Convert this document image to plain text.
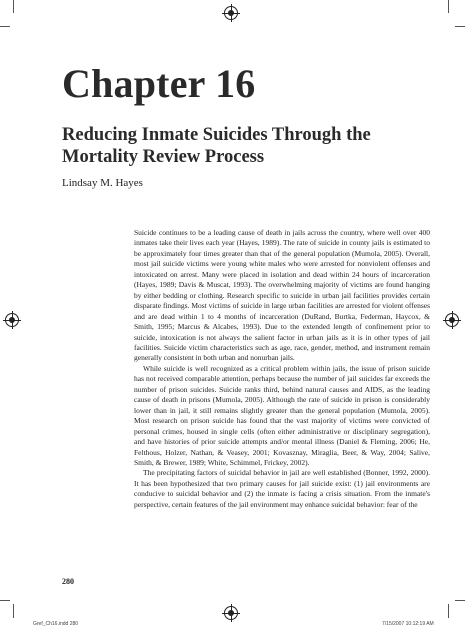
Chapter 16
Reducing Inmate Suicides Through the Mortality Review Process
Lindsay M. Hayes

Suicide continues to be a leading cause of death in jails across the country, where well over 400 inmates take their lives each year (Hayes, 1989). The rate of suicide in county jails is estimated to be approximately four times greater than that of the general population (Mumola, 2005). Overall, most jail suicide victims were young white males who were arrested for nonviolent offenses and intoxicated on arrest. Many were placed in isolation and dead within 24 hours of incarceration (Hayes, 1989; Davis & Muscat, 1993). The overwhelming majority of victims are found hanging by either bedding or clothing. Research specific to suicide in urban jail facilities provides certain disparate findings. Most victims of suicide in large urban facilities are arrested for violent offenses and are dead within 1 to 4 months of incarceration (DuRand, Burtka, Federman, Haycox, & Smith, 1995; Marcus & Alcabes, 1993). Due to the extended length of confinement prior to suicide, intoxication is not always the salient factor in urban jails as it is in other types of jail facilities. Suicide victim characteristics such as age, race, gender, method, and instrument remain generally consistent in both urban and nonurban jails.

While suicide is well recognized as a critical problem within jails, the issue of prison suicide has not received comparable attention, perhaps because the number of jail suicides far exceeds the number of prison suicides. Suicide ranks third, behind natural causes and AIDS, as the leading cause of death in prisons (Mumola, 2005). Although the rate of suicide in prison is considerably lower than in jail, it still remains slightly greater than the general population (Mumola, 2005). Most research on prison suicide has found that the vast majority of victims were convicted of personal crimes, housed in single cells (often either administrative or disciplinary segregation), and have histories of prior suicide attempts and/or mental illness (Daniel & Fleming, 2006; He, Felthous, Holzer, Nathan, & Veasey, 2001; Kovasznay, Miraglia, Beer, & Way, 2004; Salive, Smith, & Brewer, 1989; White, Schimmel, Frickey, 2002).

The precipitating factors of suicidal behavior in jail are well established (Bonner, 1992, 2000). It has been hypothesized that two primary causes for jail suicide exist: (1) jail environments are conducive to suicidal behavior and (2) the inmate is facing a crisis situation. From the inmate's perspective, certain features of the jail environment may enhance suicidal behavior: fear of the

280
Gref_Ch16.indd 280	7/15/2007 10:12:19 AM
